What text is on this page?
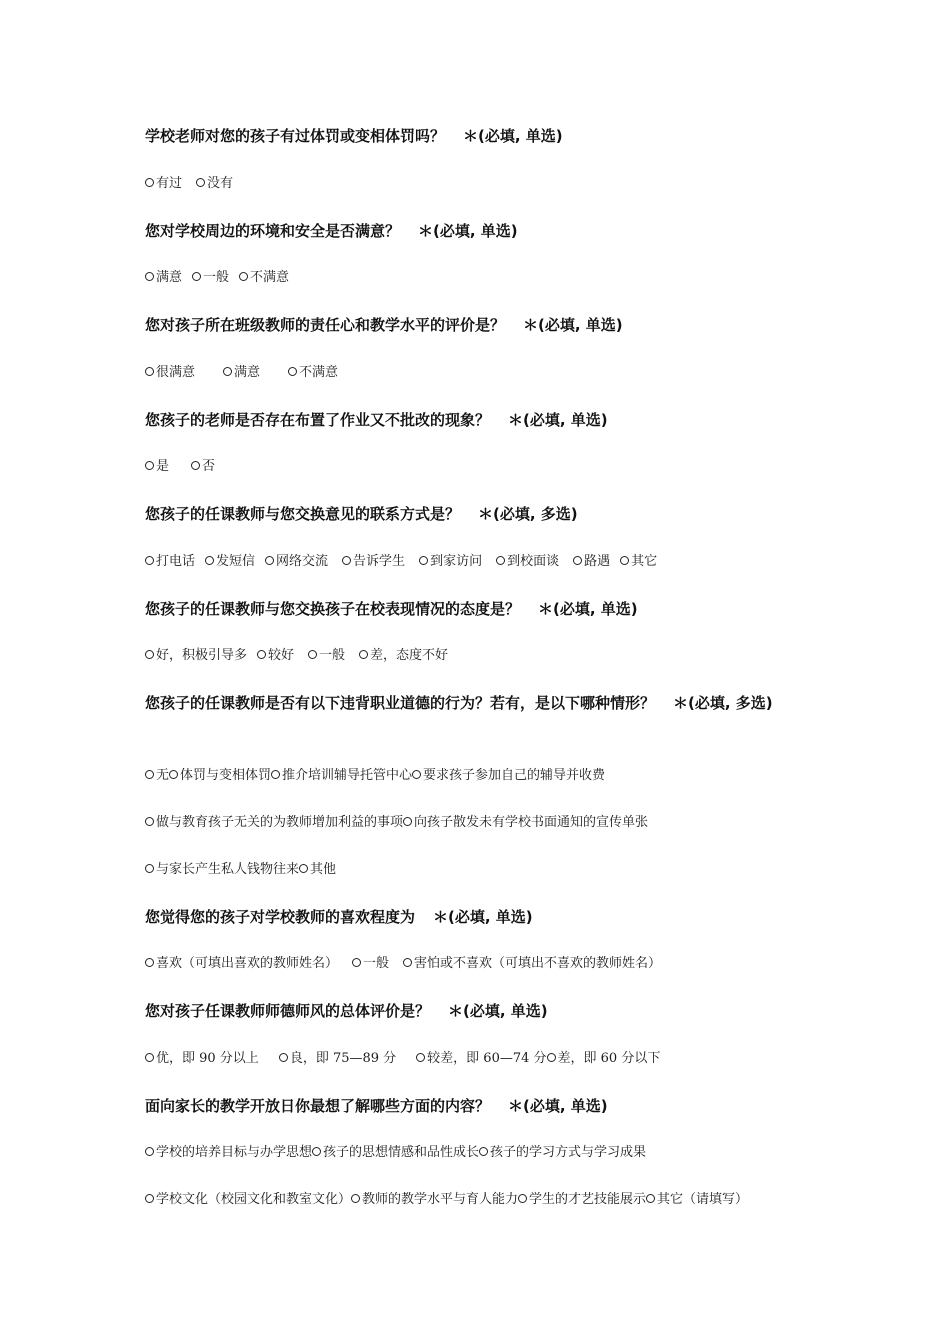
学校老师对您的孩子有过体罚或变相体罚吗？ ＊(必填, 单选)
有过 没有
您对学校周边的环境和安全是否满意？ ＊(必填, 单选)
满意 一般 不满意
您对孩子所在班级教师的责任心和教学水平的评价是？ ＊(必填, 单选)
很满意	满意	不满意
您孩子的老师是否存在布置了作业又不批改的现象？ ＊(必填, 单选)
是	否
您孩子的任课教师与您交换意见的联系方式是？ ＊(必填, 多选)
打电话 发短信 网络交流 告诉学生 到家访问 到校面谈 路遇 其它
您孩子的任课教师与您交换孩子在校表现情况的态度是？ ＊(必填, 单选)
好，积极引导多 较好 一般 差，态度不好
您孩子的任课教师是否有以下违背职业道德的行为？若有，是以下哪种情形？ ＊(必填, 多选)
无 体罚与变相体罚 推介培训辅导托管中心 要求孩子参加自己的辅导并收费
做与教育孩子无关的为教师增加利益的事项 向孩子散发未有学校书面通知的宣传单张
与家长产生私人钱物往来 其他
您觉得您的孩子对学校教师的喜欢程度为 ＊(必填, 单选)
喜欢（可填出喜欢的教师姓名） 一般 害怕或不喜欢（可填出不喜欢的教师姓名）
您对孩子任课教师师德师风的总体评价是？ ＊(必填, 单选)
优，即 90 分以上 良，即 75—89 分 较差，即 60—74 分 差，即 60 分以下
面向家长的教学开放日你最想了解哪些方面的内容？ ＊(必填, 单选)
学校的培养目标与办学思想 孩子的思想情感和品性成长 孩子的学习方式与学习成果
学校文化（校园文化和教室文化） 教师的教学水平与育人能力 学生的才艺技能展示 其它（请填写）
